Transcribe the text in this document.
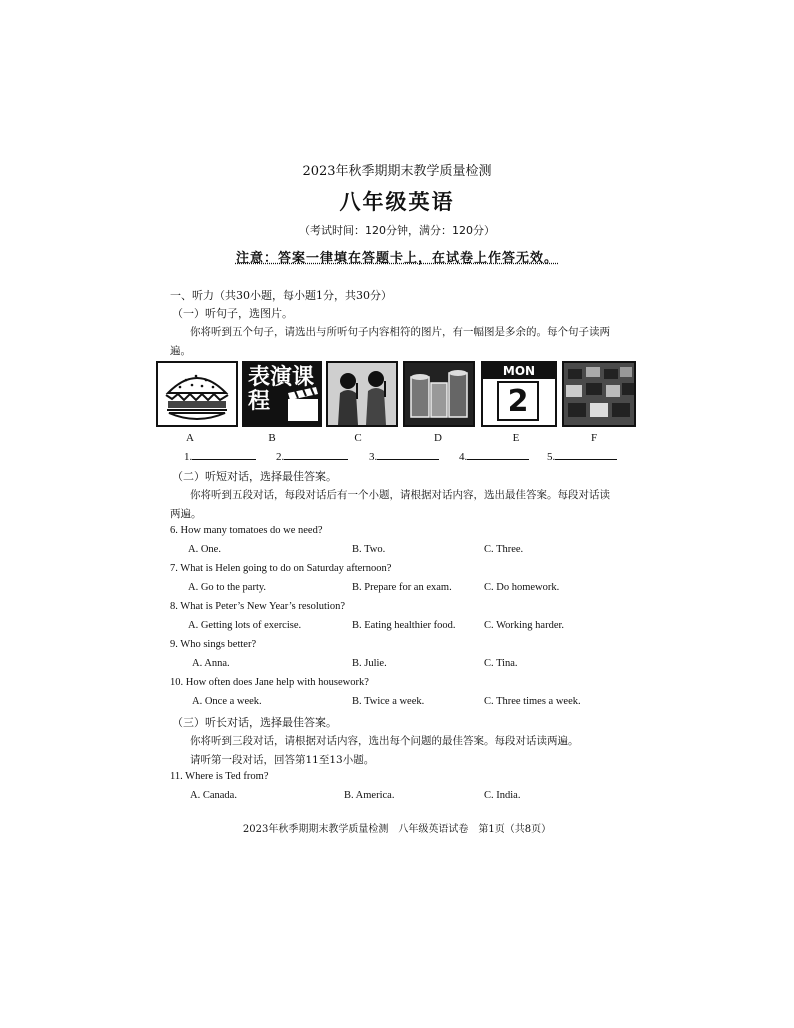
2023年秋季期期末教学质量检测
八年级英语
（考试时间：120分钟，满分：120分）
注意：答案一律填在答题卡上，在试卷上作答无效。
一、听力（共30小题，每小题1分，共30分）
（一）听句子，选图片。
你将听到五个句子，请选出与所听句子内容相符的图片，有一幅图是多余的。每个句子读两
遍。
表演课程
MON
2
A	B	C	D	E	F
1.	2.	3.	4.	5.
（二）听短对话，选择最佳答案。
你将听到五段对话，每段对话后有一个小题，请根据对话内容，选出最佳答案。每段对话读
两遍。
6. How many tomatoes do we need?
A. One.	B. Two.	C. Three.
7. What is Helen going to do on Saturday afternoon?
A. Go to the party.	B. Prepare for an exam.	C. Do homework.
8. What is Peter’s New Year’s resolution?
A. Getting lots of exercise.	B. Eating healthier food.	C. Working harder.
9. Who sings better?
A. Anna.	B. Julie.	C. Tina.
10. How often does Jane help with housework?
A. Once a week.	B. Twice a week.	C. Three times a week.
（三）听长对话，选择最佳答案。
你将听到三段对话，请根据对话内容，选出每个问题的最佳答案。每段对话读两遍。
请听第一段对话，回答第11至13小题。
11. Where is Ted from?
A. Canada.	B. America.	C. India.
2023年秋季期期末教学质量检测　八年级英语试卷　第1页（共8页）
